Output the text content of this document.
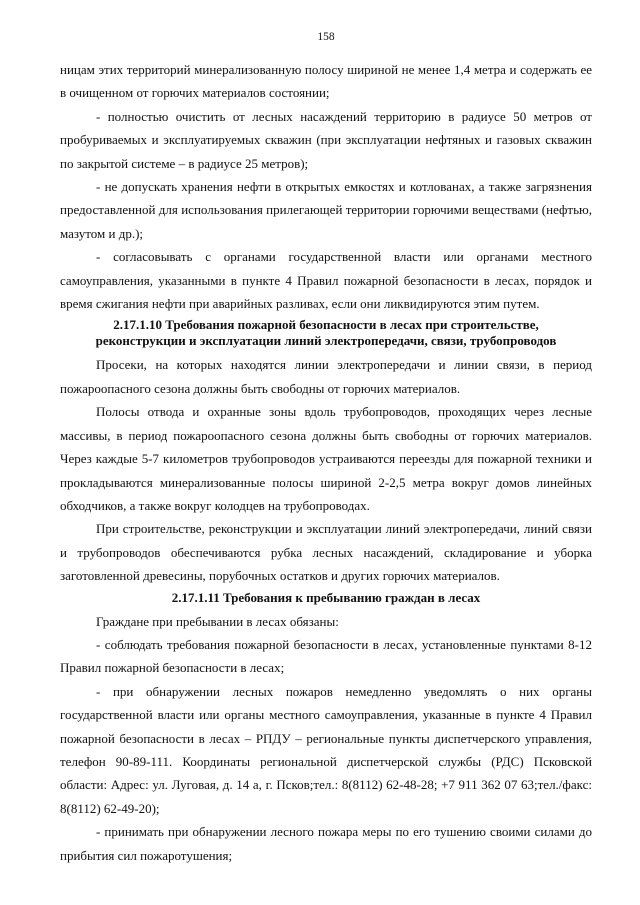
158

ницам этих территорий минерализованную полосу шириной не менее 1,4 метра и содержать ее в очищенном от горючих материалов состоянии;

- полностью очистить от лесных насаждений территорию в радиусе 50 метров от пробуриваемых и эксплуатируемых скважин (при эксплуатации нефтяных и газовых скважин по закрытой системе – в радиусе 25 метров);

- не допускать хранения нефти в открытых емкостях и котлованах, а также загрязнения предоставленной для использования прилегающей территории горючими веществами (нефтью, мазутом и др.);

- согласовывать с органами государственной власти или органами местного самоуправления, указанными в пункте 4 Правил пожарной безопасности в лесах, порядок и время сжигания нефти при аварийных разливах, если они ликвидируются этим путем.

2.17.1.10 Требования пожарной безопасности в лесах при строительстве,
реконструкции и эксплуатации линий электропередачи, связи, трубопроводов

Просеки, на которых находятся линии электропередачи и линии связи, в период пожароопасного сезона должны быть свободны от горючих материалов.

Полосы отвода и охранные зоны вдоль трубопроводов, проходящих через лесные массивы, в период пожароопасного сезона должны быть свободны от горючих материалов. Через каждые 5-7 километров трубопроводов устраиваются переезды для пожарной техники и прокладываются минерализованные полосы шириной 2-2,5 метра вокруг домов линейных обходчиков, а также вокруг колодцев на трубопроводах.

При строительстве, реконструкции и эксплуатации линий электропередачи, линий связи и трубопроводов обеспечиваются рубка лесных насаждений, складирование и уборка заготовленной древесины, порубочных остатков и других горючих материалов.

2.17.1.11 Требования к пребыванию граждан в лесах

Граждане при пребывании в лесах обязаны:

- соблюдать требования пожарной безопасности в лесах, установленные пунктами 8-12 Правил пожарной безопасности в лесах;

- при обнаружении лесных пожаров немедленно уведомлять о них органы государственной власти или органы местного самоуправления, указанные в пункте 4 Правил пожарной безопасности в лесах – РПДУ – региональные пункты диспетчерского управления, телефон 90-89-111. Координаты региональной диспетчерской службы (РДС) Псковской области: Адрес: ул. Луговая, д. 14 а, г. Псков;тел.: 8(8112) 62-48-28; +7 911 362 07 63;тел./факс: 8(8112) 62-49-20);

- принимать при обнаружении лесного пожара меры по его тушению своими силами до прибытия сил пожаротушения;
